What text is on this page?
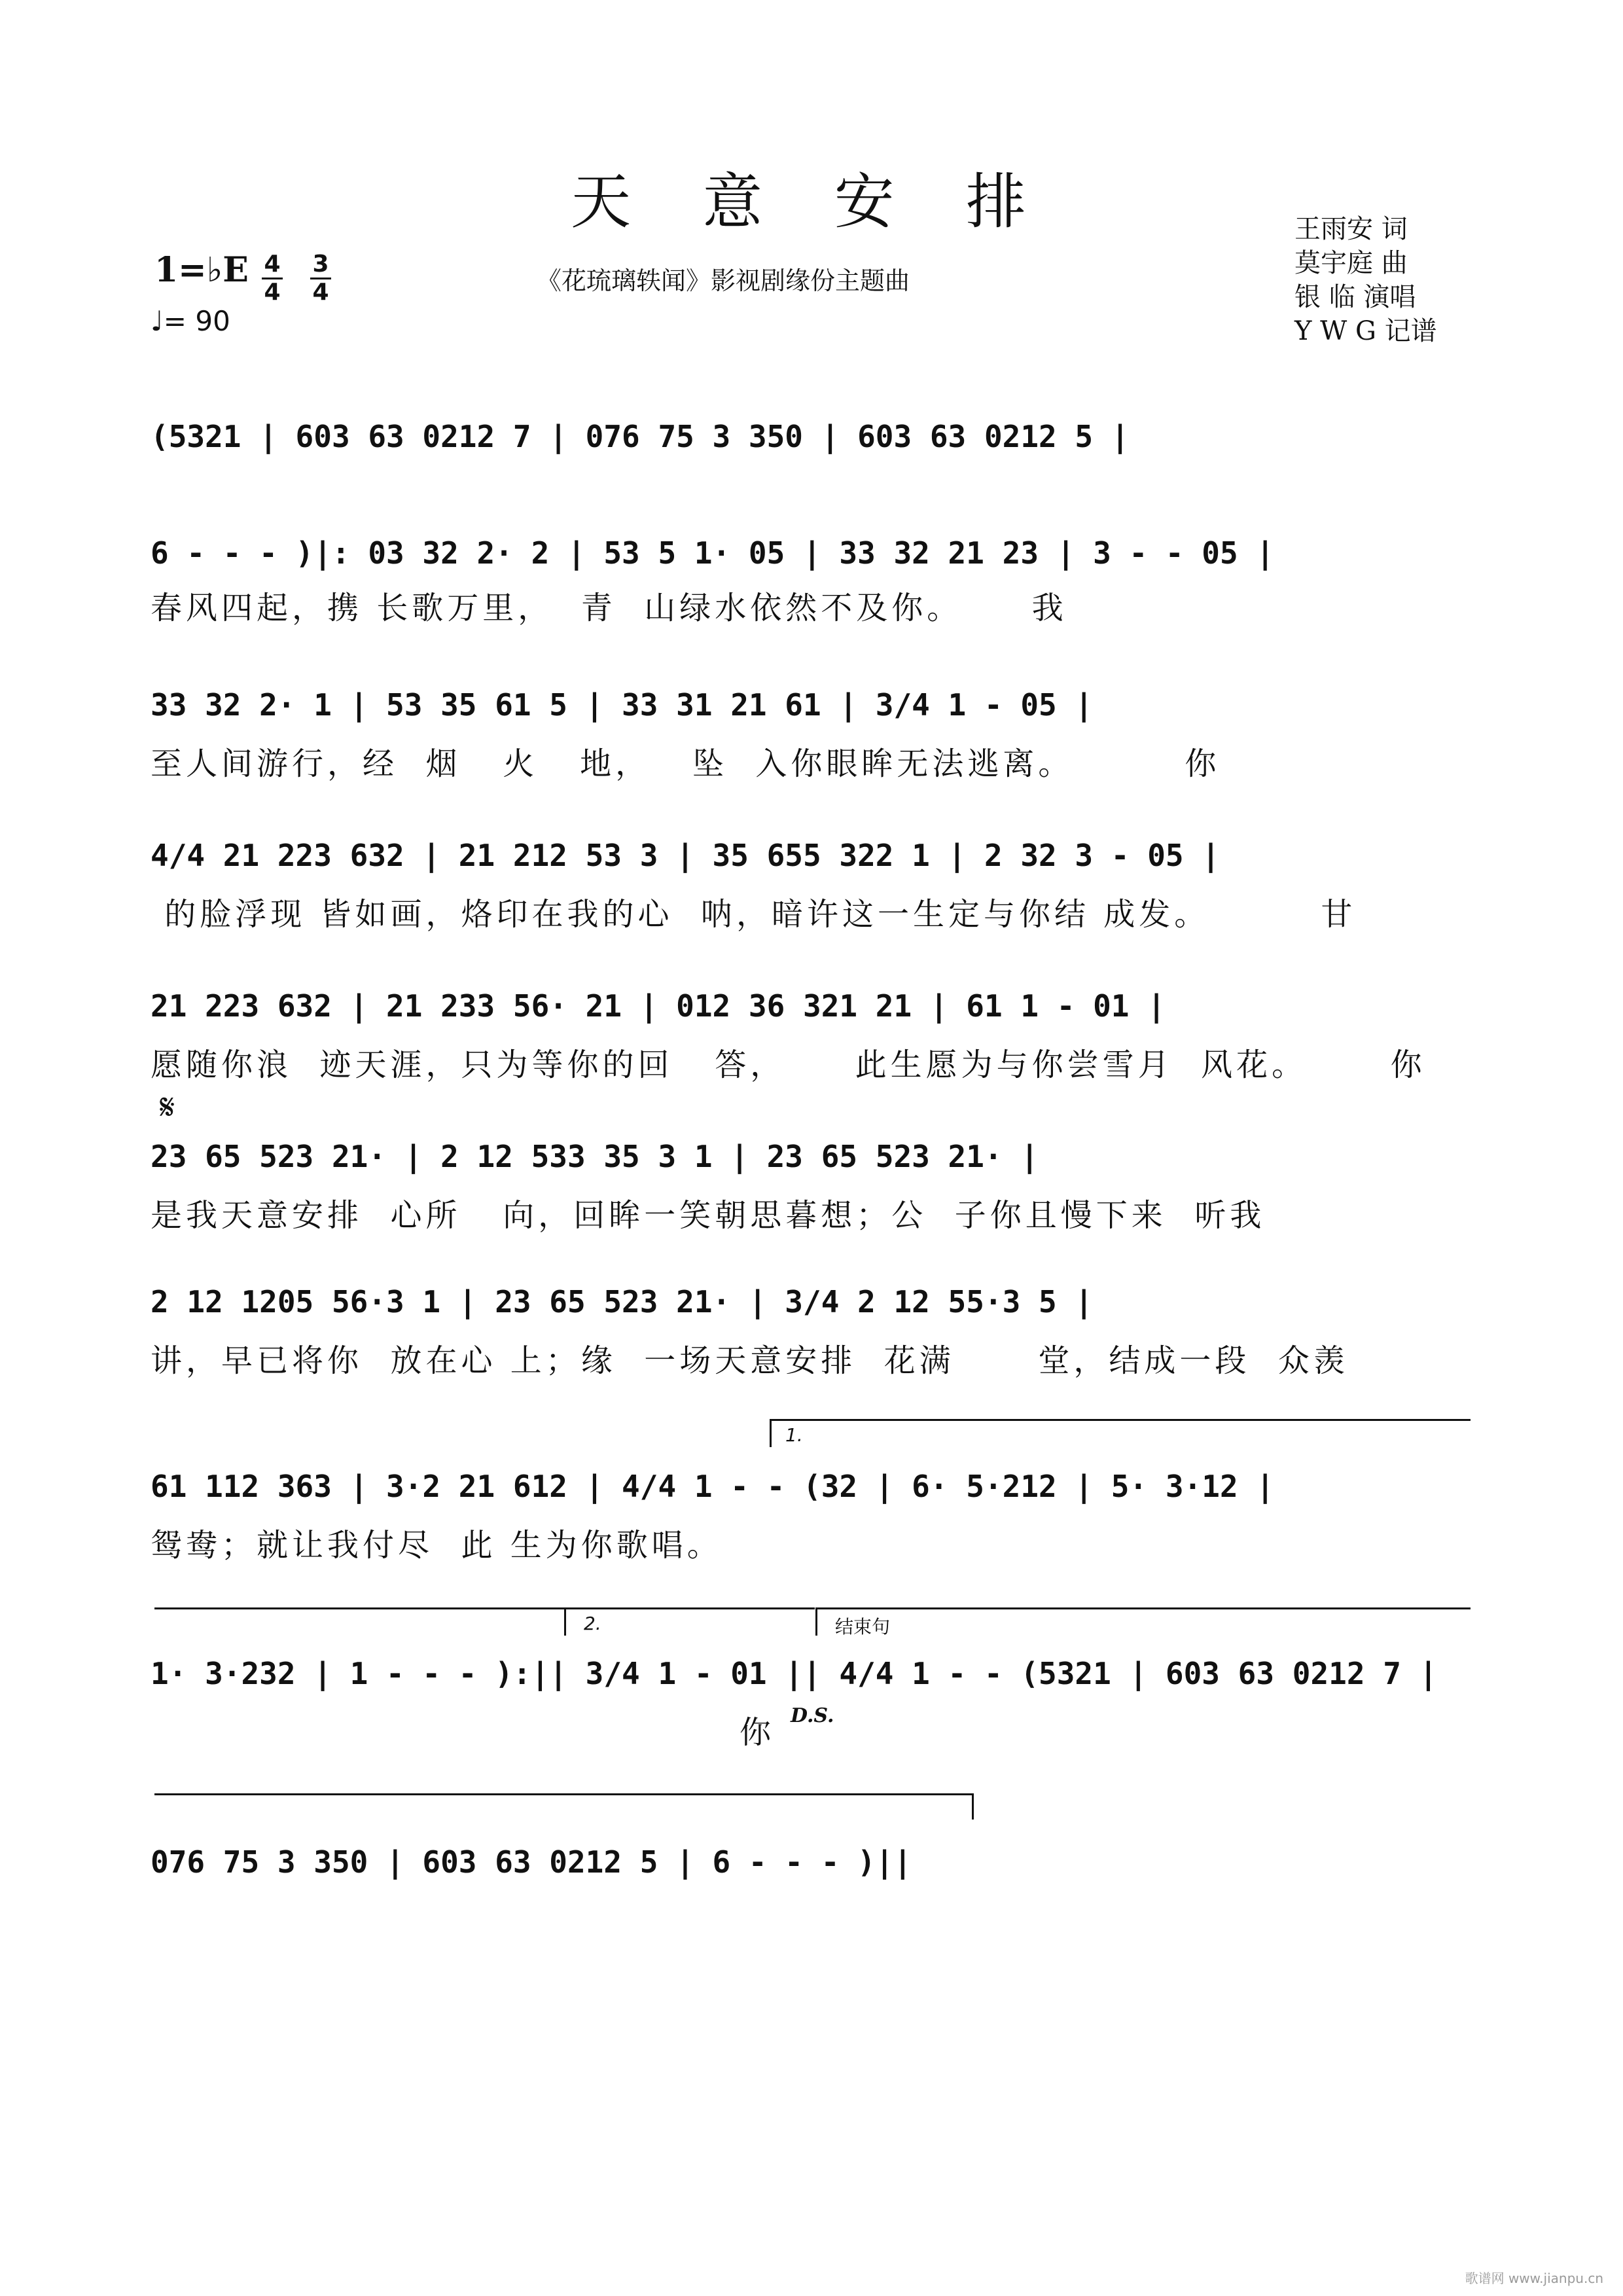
天 意 安 排
《花琉璃轶闻》影视剧缘份主题曲
1=♭E 4
4
3
4
♩= 90
王雨安 词
莫宇庭 曲
银 临 演唱
Y W G 记谱
(5321 | 603 63 0212 7 | 076 75 3 350 | 603 63 0212 5 |
6 - - - )|: 03 32 2· 2 | 53 5 1· 05 | 33 32 21 23 | 3 - - 05 |
春风四起，携 长歌万里，  青  山绿水依然不及你。     我
33 32 2· 1 | 53 35 61 5 | 33 31 21 61 | 3/4 1 - 05 |
至人间游行，经  烟   火   地，   坠  入你眼眸无法逃离。        你
4/4 21 223 632 | 21 212 53 3 | 35 655 322 1 | 2 32 3 - 05 |
的脸浮现 皆如画，烙印在我的心  呐，暗许这一生定与你结 成发。        甘
21 223 632 | 21 233 56· 21 | 012 36 321 21 | 61 1 - 01 |
愿随你浪  迹天涯，只为等你的回   答，     此生愿为与你尝雪月  风花。      你
𝄋
23 65 523 21· | 2 12 533 35 3 1 | 23 65 523 21· |
是我天意安排  心所   向，回眸一笑朝思暮想；公  子你且慢下来  听我
2 12 1205 56·3 1 | 23 65 523 21· | 3/4 2 12 55·3 5 |
讲，早已将你  放在心 上；缘  一场天意安排  花满      堂，结成一段  众羡
1.
61 112 363 | 3·2 21 612 | 4/4 1 - - (32 | 6· 5·212 | 5· 3·12 |
鸳鸯；就让我付尽  此 生为你歌唱。
2.	结束句
1· 3·232 | 1 - - - ):|| 3/4 1 - 01 || 4/4 1 - - (5321 | 603 63 0212 7 |
你 D.S.
076 75 3 350 | 603 63 0212 5 | 6 - - - )||
歌谱网 www.jianpu.cn
